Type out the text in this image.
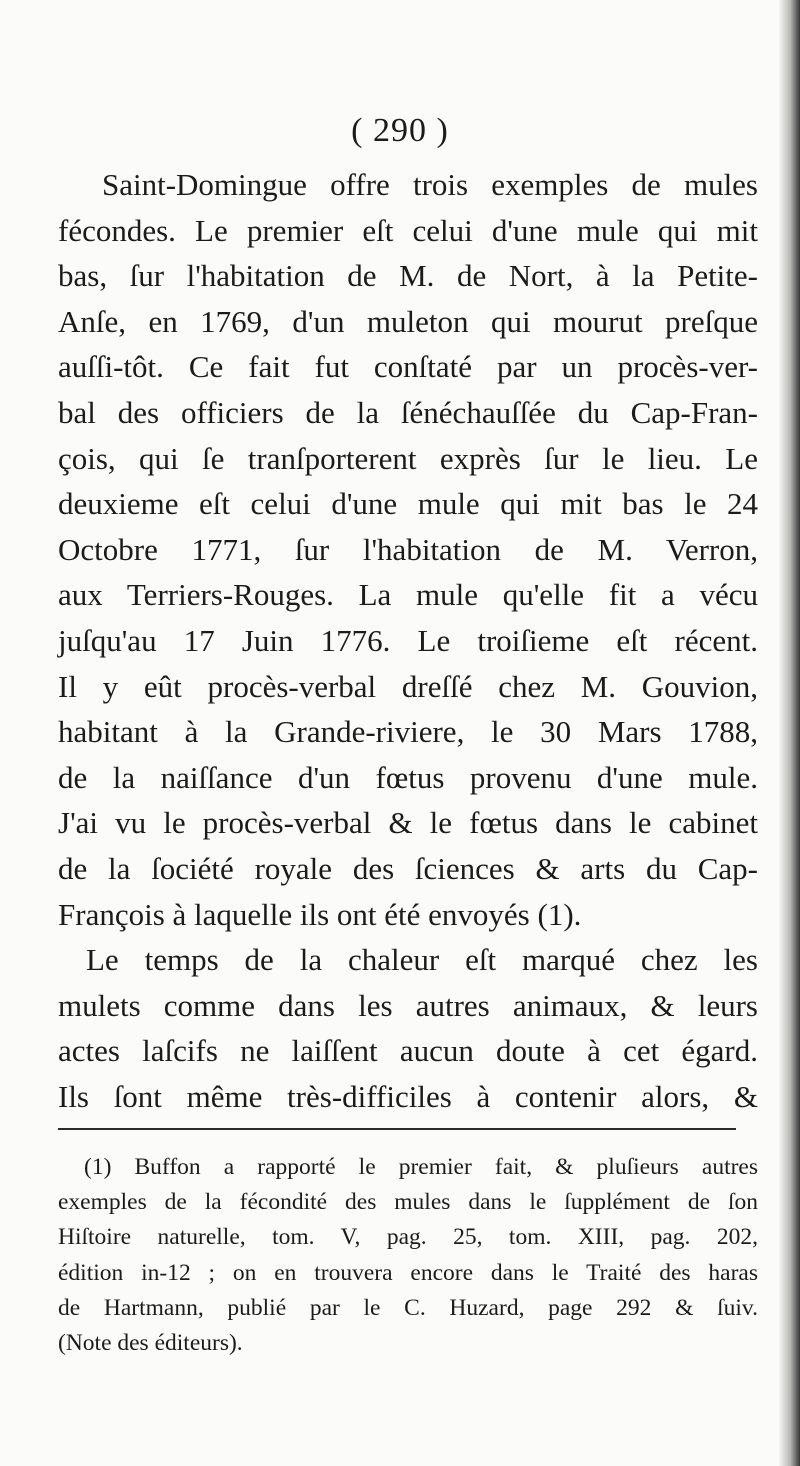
( 290 )
Saint-Domingue offre trois exemples de mules
fécondes. Le premier eſt celui d'une mule qui mit
bas, ſur l'habitation de M. de Nort, à la Petite-
Anſe, en 1769, d'un muleton qui mourut preſque
auſſi-tôt. Ce fait fut conſtaté par un procès-ver-
bal des officiers de la ſénéchauſſée du Cap-Fran-
çois, qui ſe tranſporterent exprès ſur le lieu. Le
deuxieme eſt celui d'une mule qui mit bas le 24
Octobre 1771, ſur l'habitation de M. Verron,
aux Terriers-Rouges. La mule qu'elle fit a vécu
juſqu'au 17 Juin 1776. Le troiſieme eſt récent.
Il y eût procès-verbal dreſſé chez M. Gouvion,
habitant à la Grande-riviere, le 30 Mars 1788,
de la naiſſance d'un fœtus provenu d'une mule.
J'ai vu le procès-verbal & le fœtus dans le cabinet
de la ſociété royale des ſciences & arts du Cap-
François à laquelle ils ont été envoyés (1).
Le temps de la chaleur eſt marqué chez les
mulets comme dans les autres animaux, & leurs
actes laſcifs ne laiſſent aucun doute à cet égard.
Ils ſont même très-difficiles à contenir alors, &
(1) Buffon a rapporté le premier fait, & pluſieurs autres
exemples de la fécondité des mules dans le ſupplément de ſon
Hiſtoire naturelle, tom. V, pag. 25, tom. XIII, pag. 202,
édition in-12 ; on en trouvera encore dans le Traité des haras
de Hartmann, publié par le C. Huzard, page 292 & ſuiv.
(Note des éditeurs).
